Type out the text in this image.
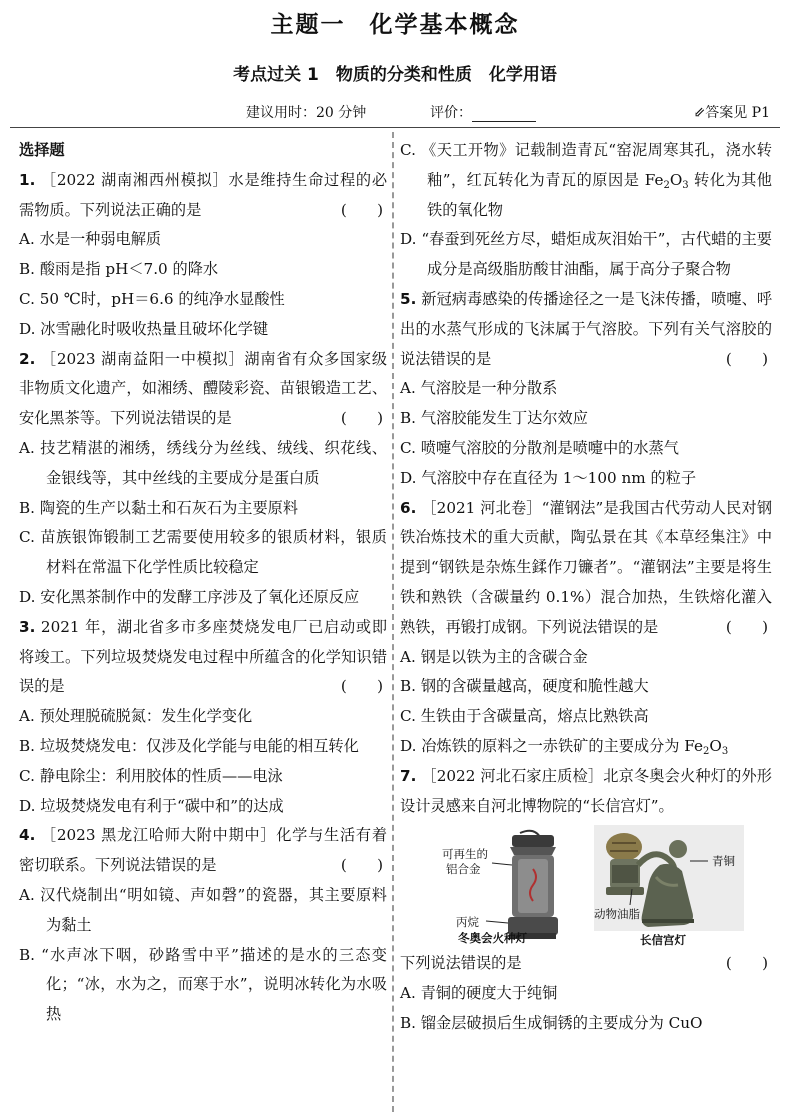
主题一 化学基本概念
考点过关 1　物质的分类和性质　化学用语
建议用时：20 分钟	评价：	⇙答案见 P1
选择题
1. ［2022 湖南湘西州模拟］水是维持生命过程的必需物质。下列说法正确的是	(　　)
A. 水是一种弱电解质
B. 酸雨是指 pH＜7.0 的降水
C. 50 ℃时，pH＝6.6 的纯净水显酸性
D. 冰雪融化时吸收热量且破坏化学键
2. ［2023 湖南益阳一中模拟］湖南省有众多国家级非物质文化遗产，如湘绣、醴陵彩瓷、苗银锻造工艺、安化黑茶等。下列说法错误的是	(　　)
A. 技艺精湛的湘绣，绣线分为丝线、绒线、织花线、金银线等，其中丝线的主要成分是蛋白质
B. 陶瓷的生产以黏土和石灰石为主要原料
C. 苗族银饰锻制工艺需要使用较多的银质材料，银质材料在常温下化学性质比较稳定
D. 安化黑茶制作中的发酵工序涉及了氧化还原反应
3. 2021 年，湖北省多市多座焚烧发电厂已启动或即将竣工。下列垃圾焚烧发电过程中所蕴含的化学知识错误的是	(　　)
A. 预处理脱硫脱氮：发生化学变化
B. 垃圾焚烧发电：仅涉及化学能与电能的相互转化
C. 静电除尘：利用胶体的性质——电泳
D. 垃圾焚烧发电有利于“碳中和”的达成
4. ［2023 黑龙江哈师大附中期中］化学与生活有着密切联系。下列说法错误的是	(　　)
A. 汉代烧制出“明如镜、声如磬”的瓷器，其主要原料为黏土
B. “水声冰下咽，砂路雪中平”描述的是水的三态变化；“冰，水为之，而寒于水”，说明冰转化为水吸热
C. 《天工开物》记载制造青瓦“窑泥周寒其孔，浇水转釉”，红瓦转化为青瓦的原因是 $Fe_2O_3$ 转化为其他铁的氧化物
D. “春蚕到死丝方尽，蜡炬成灰泪始干”，古代蜡的主要成分是高级脂肪酸甘油酯，属于高分子聚合物
5. 新冠病毒感染的传播途径之一是飞沫传播，喷嚏、呼出的水蒸气形成的飞沫属于气溶胶。下列有关气溶胶的说法错误的是	(　　)
A. 气溶胶是一种分散系
B. 气溶胶能发生丁达尔效应
C. 喷嚏气溶胶的分散剂是喷嚏中的水蒸气
D. 气溶胶中存在直径为 1～100 nm 的粒子
6. ［2021 河北卷］“灌钢法”是我国古代劳动人民对钢铁冶炼技术的重大贡献，陶弘景在其《本草经集注》中提到“钢铁是杂炼生鍒作刀镰者”。“灌钢法”主要是将生铁和熟铁（含碳量约 0.1%）混合加热，生铁熔化灌入熟铁，再锻打成钢。下列说法错误的是	(　　)
A. 钢是以铁为主的含碳合金
B. 钢的含碳量越高，硬度和脆性越大
C. 生铁由于含碳量高，熔点比熟铁高
D. 冶炼铁的原料之一赤铁矿的主要成分为 $Fe_2O_3$
7. ［2022 河北石家庄质检］北京冬奥会火种灯的外形设计灵感来自河北博物院的“长信宫灯”。
可再生的
铝合金
丙烷
冬奥会火种灯
青铜
动物油脂
长信宫灯
下列说法错误的是	(　　)
A. 青铜的硬度大于纯铜
B. 镏金层破损后生成铜锈的主要成分为 CuO
